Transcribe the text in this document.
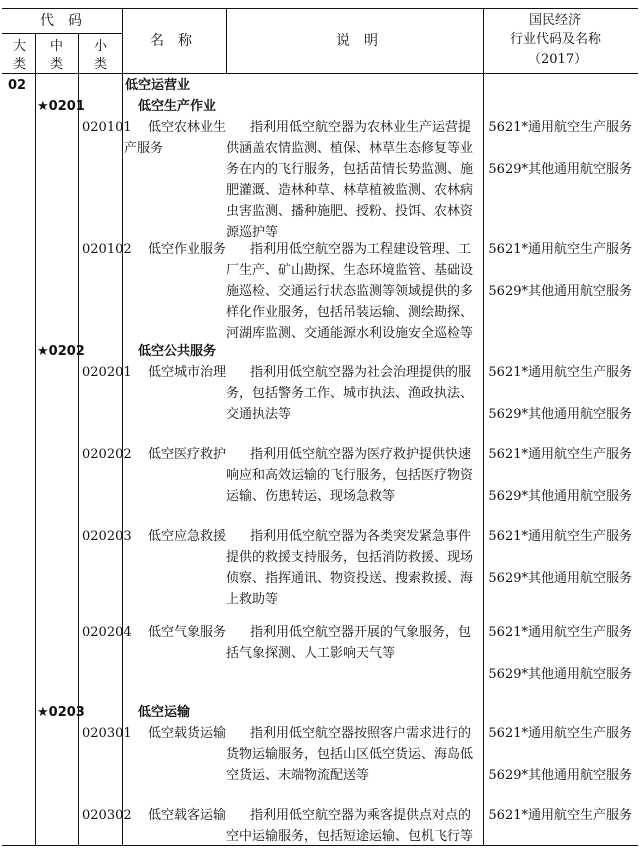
代　码
大类
中类
小类
名　称	说　明
国民经济
行业代码及名称
（2017）
02	低空运营业
★0201	低空生产作业
020101	低空农林业生产服务
指利用低空航空器为农林业生产运营提供涵盖农情监测、植保、林草生态修复等业务在内的飞行服务，包括苗情长势监测、施肥灌溉、造林种草、林草植被监测、农林病虫害监测、播种施肥、授粉、投饵、农林资源巡护等
5621*通用航空生产服务
5629*其他通用航空服务
020102	低空作业服务	指利用低空航空器为工程建设管理、工厂生产、矿山勘探、生态环境监管、基础设施巡检、交通运行状态监测等领域提供的多样化作业服务，包括吊装运输、测绘勘探、河湖库监测、交通能源水利设施安全巡检等
5621*通用航空生产服务
5629*其他通用航空服务
★0202	低空公共服务
020201	低空城市治理	指利用低空航空器为社会治理提供的服务，包括警务工作、城市执法、渔政执法、交通执法等
5621*通用航空生产服务
5629*其他通用航空服务
020202	低空医疗救护	指利用低空航空器为医疗救护提供快速响应和高效运输的飞行服务，包括医疗物资运输、伤患转运、现场急救等
5621*通用航空生产服务
5629*其他通用航空服务
020203	低空应急救援	指利用低空航空器为各类突发紧急事件提供的救援支持服务，包括消防救援、现场侦察、指挥通讯、物资投送、搜索救援、海上救助等
5621*通用航空生产服务
5629*其他通用航空服务
020204	低空气象服务	指利用低空航空器开展的气象服务，包括气象探测、人工影响天气等
5621*通用航空生产服务
5629*其他通用航空服务
★0203	低空运输
020301	低空载货运输	指利用低空航空器按照客户需求进行的货物运输服务，包括山区低空货运、海岛低空货运、末端物流配送等
5621*通用航空生产服务
5629*其他通用航空服务
020302	低空载客运输	指利用低空航空器为乘客提供点对点的空中运输服务，包括短途运输、包机飞行等
5621*通用航空生产服务
